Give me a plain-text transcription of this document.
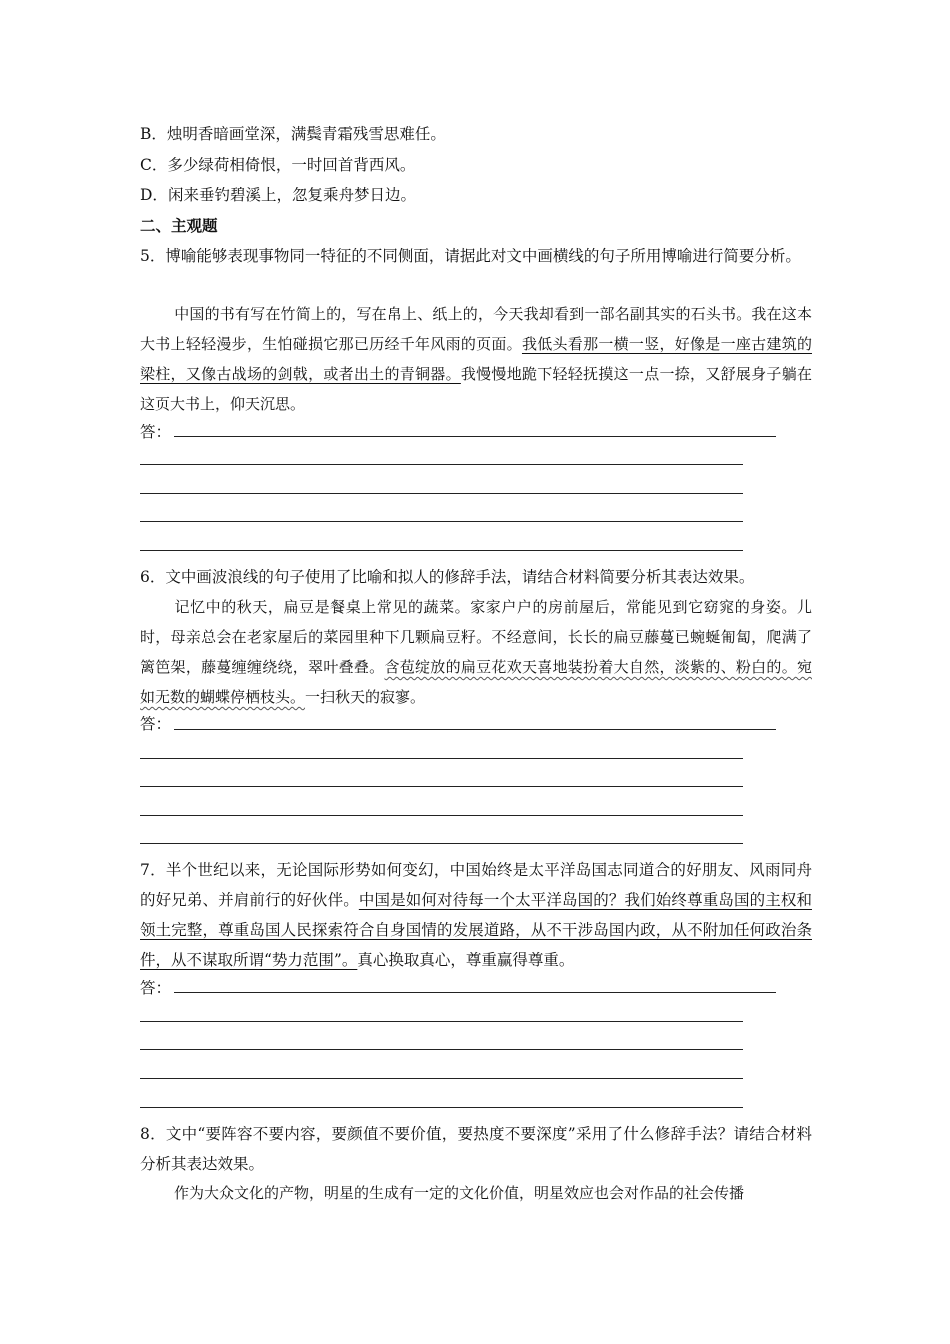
B．烛明香暗画堂深，满鬓青霜残雪思难任。
C．多少绿荷相倚恨，一时回首背西风。
D．闲来垂钓碧溪上，忽复乘舟梦日边。
二、主观题
5．博喻能够表现事物同一特征的不同侧面，请据此对文中画横线的句子所用博喻进行简要分析。
中国的书有写在竹简上的，写在帛上、纸上的，今天我却看到一部名副其实的石头书。我在这本大书上轻轻漫步，生怕碰损它那已历经千年风雨的页面。我低头看那一横一竖，好像是一座古建筑的梁柱，又像古战场的剑戟，或者出土的青铜器。我慢慢地跪下轻轻抚摸这一点一捺，又舒展身子躺在这页大书上，仰天沉思。
答：
6．文中画波浪线的句子使用了比喻和拟人的修辞手法，请结合材料简要分析其表达效果。
记忆中的秋天，扁豆是餐桌上常见的蔬菜。家家户户的房前屋后，常能见到它窈窕的身姿。儿时，母亲总会在老家屋后的菜园里种下几颗扁豆籽。不经意间，长长的扁豆藤蔓已蜿蜒匍匐，爬满了篱笆架，藤蔓缠缠绕绕，翠叶叠叠。含苞绽放的扁豆花欢天喜地装扮着大自然，淡紫的、粉白的。宛如无数的蝴蝶停栖枝头。一扫秋天的寂寥。
答：
7．半个世纪以来，无论国际形势如何变幻，中国始终是太平洋岛国志同道合的好朋友、风雨同舟的好兄弟、并肩前行的好伙伴。中国是如何对待每一个太平洋岛国的？我们始终尊重岛国的主权和领土完整，尊重岛国人民探索符合自身国情的发展道路，从不干涉岛国内政，从不附加任何政治条件，从不谋取所谓“势力范围”。真心换取真心，尊重赢得尊重。
答：
8．文中“要阵容不要内容，要颜值不要价值，要热度不要深度”采用了什么修辞手法？请结合材料分析其表达效果。
作为大众文化的产物，明星的生成有一定的文化价值，明星效应也会对作品的社会传播
